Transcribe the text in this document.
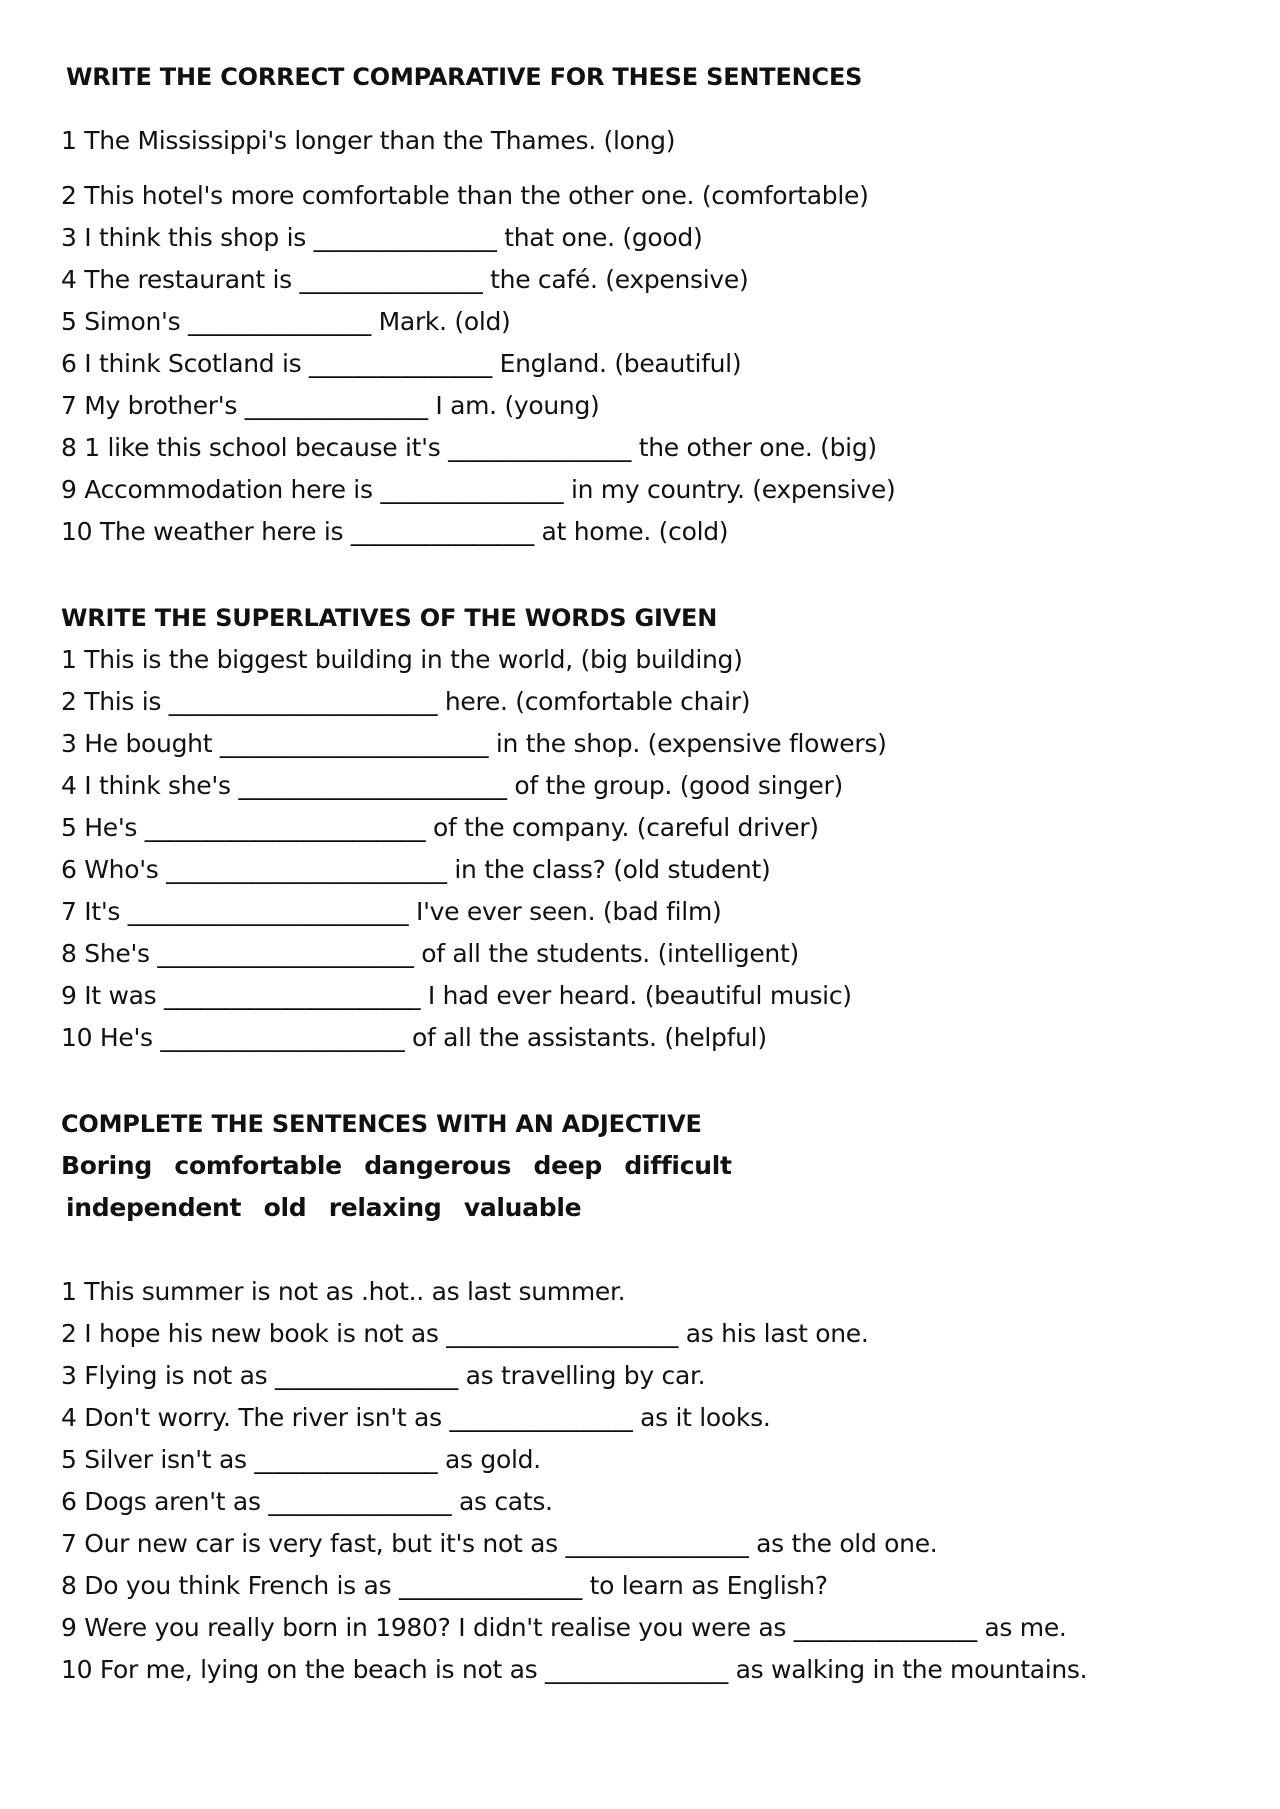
WRITE THE CORRECT COMPARATIVE FOR THESE SENTENCES
1 The Mississippi's longer than the Thames. (long)
2 This hotel's more comfortable than the other one. (comfortable)
3 I think this shop is _______________ that one. (good)
4 The restaurant is _______________ the café. (expensive)
5 Simon's _______________ Mark. (old)
6 I think Scotland is _______________ England. (beautiful)
7 My brother's _______________ I am. (young)
8 1 like this school because it's _______________ the other one. (big)
9 Accommodation here is _______________ in my country. (expensive)
10 The weather here is _______________ at home. (cold)
WRITE THE SUPERLATIVES OF THE WORDS GIVEN
1 This is the biggest building in the world, (big building)
2 This is ______________________ here. (comfortable chair)
3 He bought ______________________ in the shop. (expensive flowers)
4 I think she's ______________________ of the group. (good singer)
5 He's _______________________ of the company. (careful driver)
6 Who's _______________________ in the class? (old student)
7 It's _______________________ I've ever seen. (bad film)
8 She's _____________________ of all the students. (intelligent)
9 It was _____________________ I had ever heard. (beautiful music)
10 He's ____________________ of all the assistants. (helpful)
COMPLETE THE SENTENCES WITH AN ADJECTIVE
Boring comfortable dangerous deep difficult
independent old relaxing valuable
1 This summer is not as .hot.. as last summer.
2 I hope his new book is not as ___________________ as his last one.
3 Flying is not as _______________ as travelling by car.
4 Don't worry. The river isn't as _______________ as it looks.
5 Silver isn't as _______________ as gold.
6 Dogs aren't as _______________ as cats.
7 Our new car is very fast, but it's not as _______________ as the old one.
8 Do you think French is as _______________ to learn as English?
9 Were you really born in 1980? I didn't realise you were as _______________ as me.
10 For me, lying on the beach is not as _______________ as walking in the mountains.
